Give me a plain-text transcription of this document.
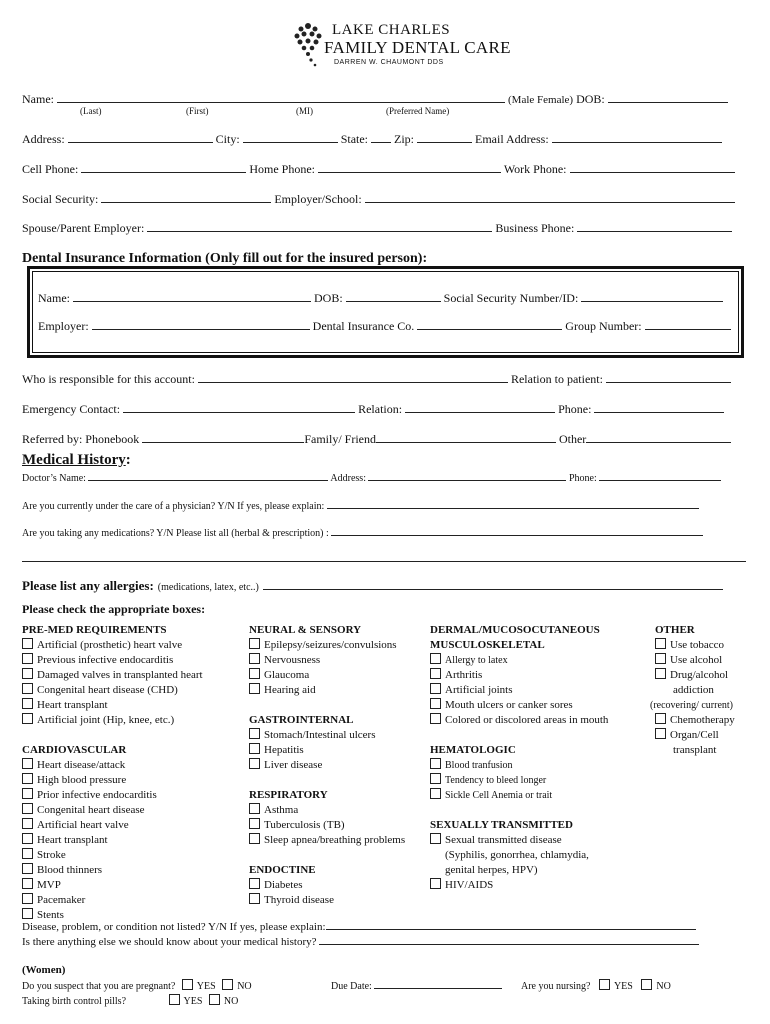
LAKE CHARLES
FAMILY DENTAL CARE
DARREN W. CHAUMONT DDS
Name:	(Male Female) DOB:
(Last)	(First)	(MI)	(Preferred Name)
Address:	City:	State: Zip:	Email Address:
Cell Phone:	Home Phone:	Work Phone:
Social Security:	Employer/School:
Spouse/Parent Employer:	Business Phone:
Dental Insurance Information (Only fill out for the insured person):
Name:	DOB:	Social Security Number/ID:
Employer:	Dental Insurance Co.	Group Number:
Who is responsible for this account:	Relation to patient:
Emergency Contact:	Relation:	Phone:
Referred by: Phonebook	Family/ Friend	Other
Medical History:
Doctor’s Name:	Address:	Phone:
Are you currently under the care of a physician? Y/N If yes, please explain:
Are you taking any medications? Y/N Please list all (herbal & prescription) :
Please list any allergies: (medications, latex, etc..)
Please check the appropriate boxes:
PRE-MED REQUIREMENTS
Artificial (prosthetic) heart valve
Previous infective endocarditis
Damaged valves in transplanted heart
Congenital heart disease (CHD)
Heart transplant
Artificial joint (Hip, knee, etc.)
CARDIOVASCULAR
Heart disease/attack
High blood pressure
Prior infective endocarditis
Congenital heart disease
Artificial heart valve
Heart transplant
Stroke
Blood thinners
MVP
Pacemaker
Stents
NEURAL & SENSORY
Epilepsy/seizures/convulsions
Nervousness
Glaucoma
Hearing aid
GASTROINTERNAL
Stomach/Intestinal ulcers
Hepatitis
Liver disease
RESPIRATORY
Asthma
Tuberculosis (TB)
Sleep apnea/breathing problems
ENDOCTINE
Diabetes
Thyroid disease
DERMAL/MUCOSOCUTANEOUS
MUSCULOSKELETAL
Allergy to latex
Arthritis
Artificial joints
Mouth ulcers or canker sores
Colored or discolored areas in mouth
HEMATOLOGIC
Blood tranfusion
Tendency to bleed longer
Sickle Cell Anemia or trait
SEXUALLY TRANSMITTED
Sexual transmitted disease
(Syphilis, gonorrhea, chlamydia,
genital herpes, HPV)
HIV/AIDS
OTHER
Use tobacco
Use alcohol
Drug/alcohol
addiction
(recovering/ current)
Chemotherapy
Organ/Cell
transplant
Disease, problem, or condition not listed? Y/N If yes, please explain:
Is there anything else we should know about your medical history?
(Women)
Do you suspect that you are pregnant? YES NO	Due Date:	Are you nursing? YES NO
Taking birth control pills?	YES NO
